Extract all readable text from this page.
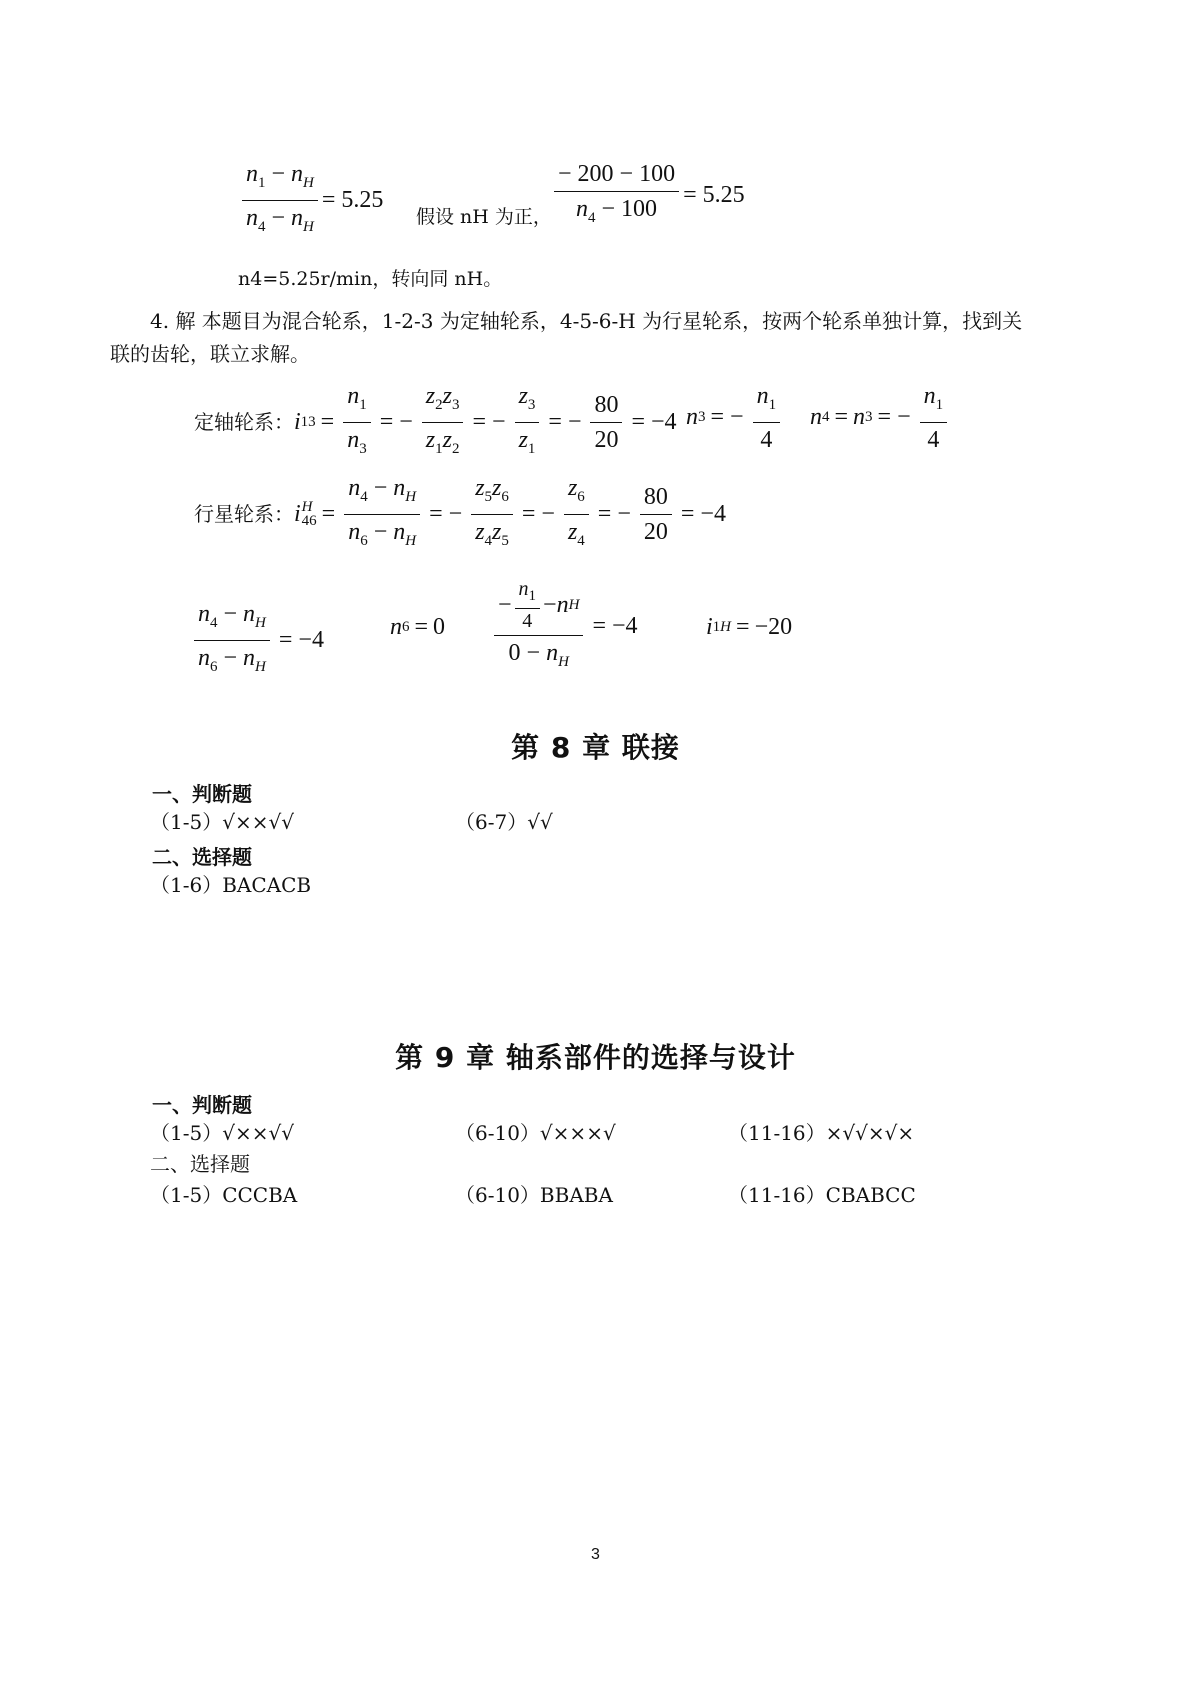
$\frac{n_1 - n_H}{n_4 - n_H} = 5.25$
假设 nH 为正， $\frac{- 200 - 100}{n_4 - 100} = 5.25$
n4=5.25r/min，转向同 nH。
4. 解 本题目为混合轮系，1-2-3 为定轴轮系，4-5-6-H 为行星轮系，按两个轮系单独计算，找到关
联的齿轮，联立求解。
定轴轮系： i $13 = \frac{n_1}{n_3}$ = − $\frac{z_2z_3}{z_1z_2}$ = − $\frac{z_3}{z_1}$ = − $\frac{80}{20} = -4$ n 3 = − $\frac{n_1}{4}$ n 4 = n 3 = − $\frac{n_1}{4}$
行星轮系： i H
$46 = \frac{n_4 - n_H}{n_6 - n_H}$ = − $\frac{z_5z_6}{z_4z_5}$ = − $\frac{z_6}{z_4}$ = − $\frac{80}{20} = -4$
$\frac{n_4 - n_H}{n_6 - n_H} = -4$	n $6 = 0 \frac{- \frac{n_1}{4} - n H}{0 - n_H} = -4$	i 1H = −20
第 8 章 联接
一、判断题
（1-5）√××√√	（6-7）√√
二、选择题
（1-6）BACACB
第 9 章 轴系部件的选择与设计
一、判断题
（1-5）√××√√	（6-10）√×××√	（11-16）×√√×√×
二、选择题
（1-5）CCCBA	（6-10）BBABA	（11-16）CBABCC
3
